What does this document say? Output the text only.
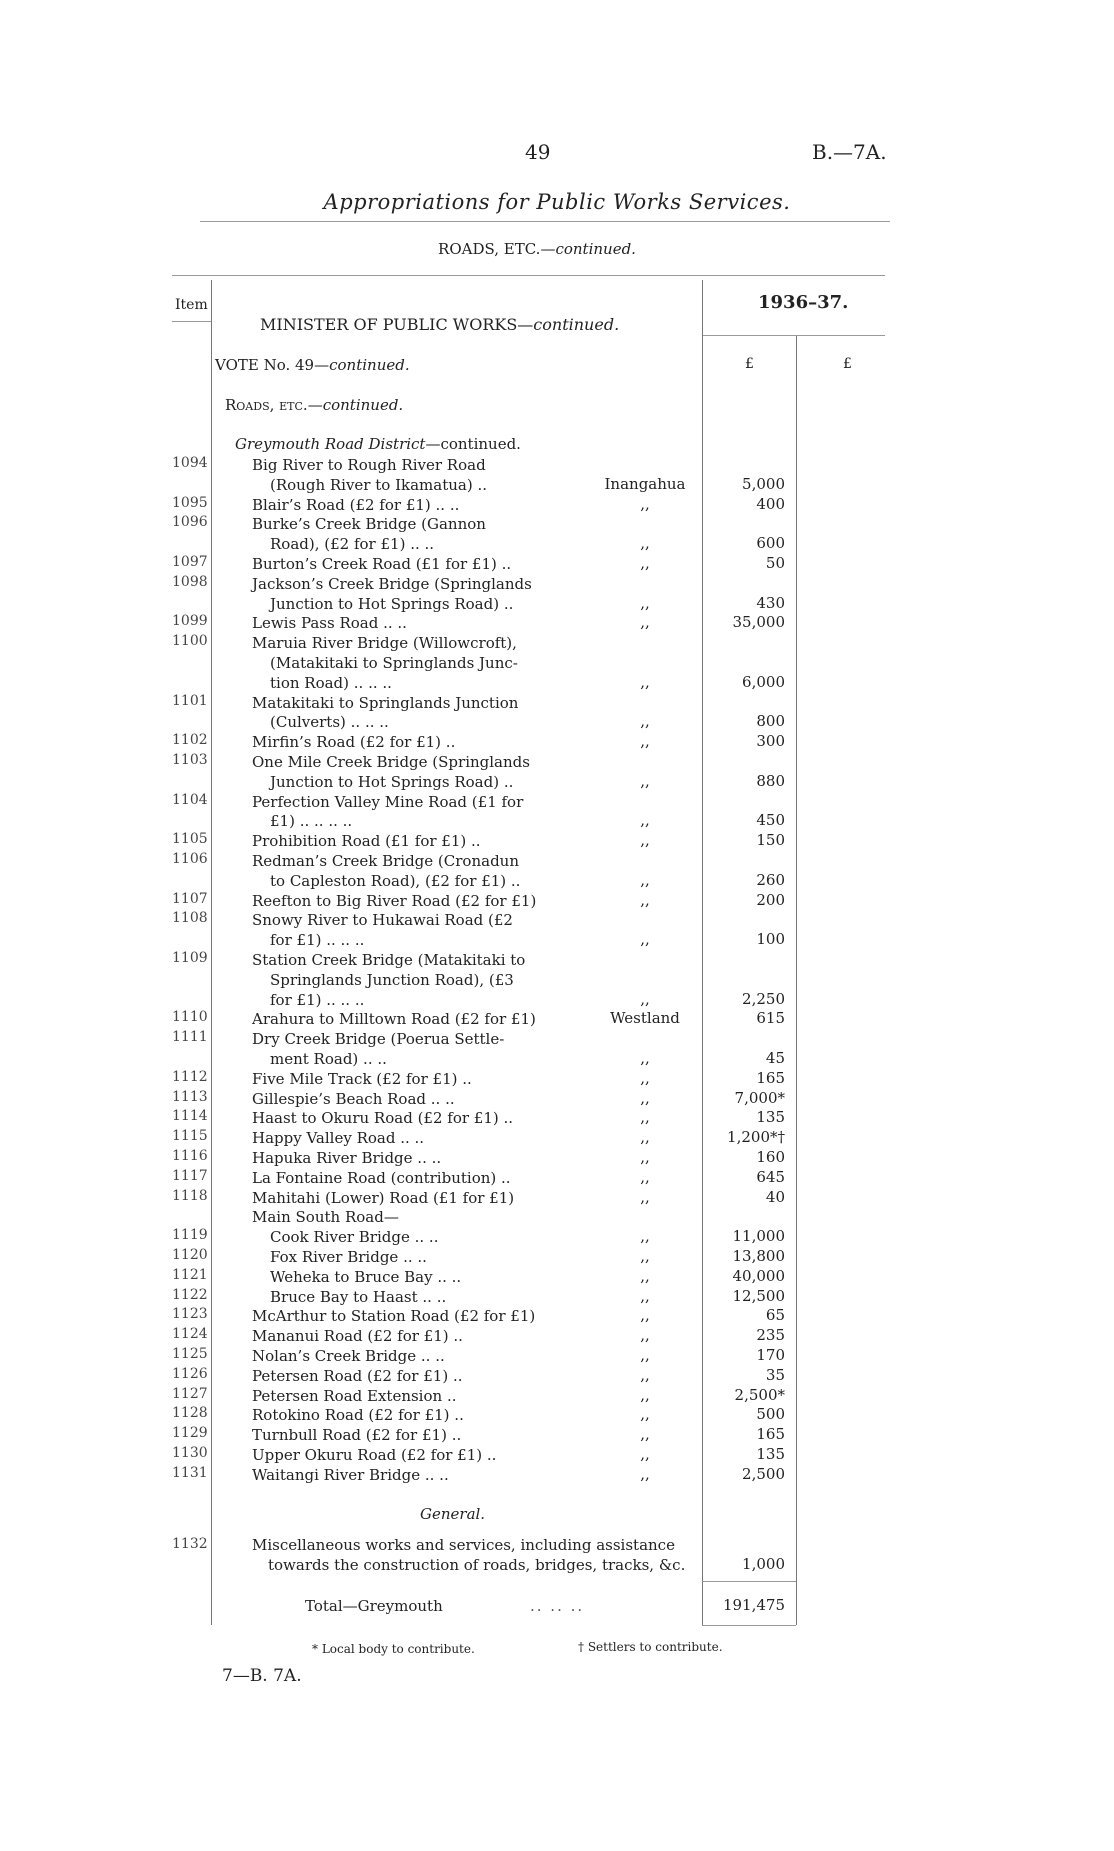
49	B.—7A.
Appropriations for Public Works Services.
ROADS, ETC.—continued.
Item
MINISTER OF PUBLIC WORKS—continued.
1936–37.
£	£
VOTE No. 49—continued.
Roads, etc.—continued.
Greymouth Road District—continued.
1094	Big River to Rough River Road
(Rough River to Ikamatua) ..	Inangahua	5,000
1095	Blair’s Road (£2 for £1) .. ..	,,	400
1096	Burke’s Creek Bridge (Gannon
Road), (£2 for £1) .. ..	,,	600
1097	Burton’s Creek Road (£1 for £1) ..	,,	50
1098	Jackson’s Creek Bridge (Springlands
Junction to Hot Springs Road) ..	,,	430
1099	Lewis Pass Road .. ..	,,	35,000
1100	Maruia River Bridge (Willowcroft),
(Matakitaki to Springlands Junc-
tion Road) .. .. ..	,,	6,000
1101	Matakitaki to Springlands Junction
(Culverts) .. .. ..	,,	800
1102	Mirfin’s Road (£2 for £1) ..	,,	300
1103	One Mile Creek Bridge (Springlands
Junction to Hot Springs Road) ..	,,	880
1104	Perfection Valley Mine Road (£1 for
£1) .. .. .. ..	,,	450
1105	Prohibition Road (£1 for £1) ..	,,	150
1106	Redman’s Creek Bridge (Cronadun
to Capleston Road), (£2 for £1) ..	,,	260
1107	Reefton to Big River Road (£2 for £1)	,,	200
1108	Snowy River to Hukawai Road (£2
for £1) .. .. ..	,,	100
1109	Station Creek Bridge (Matakitaki to
Springlands Junction Road), (£3
for £1) .. .. ..	,,	2,250
1110	Arahura to Milltown Road (£2 for £1)	Westland	615
1111	Dry Creek Bridge (Poerua Settle-
ment Road) .. ..	,,	45
1112	Five Mile Track (£2 for £1) ..	,,	165
1113	Gillespie’s Beach Road .. ..	,,	7,000*
1114	Haast to Okuru Road (£2 for £1) ..	,,	135
1115	Happy Valley Road .. ..	,,	1,200*†
1116	Hapuka River Bridge .. ..	,,	160
1117	La Fontaine Road (contribution) ..	,,	645
1118	Mahitahi (Lower) Road (£1 for £1)	,,	40
Main South Road—
1119	Cook River Bridge .. ..	,,	11,000
1120	Fox River Bridge .. ..	,,	13,800
1121	Weheka to Bruce Bay .. ..	,,	40,000
1122	Bruce Bay to Haast .. ..	,,	12,500
1123	McArthur to Station Road (£2 for £1)	,,	65
1124	Mananui Road (£2 for £1) ..	,,	235
1125	Nolan’s Creek Bridge .. ..	,,	170
1126	Petersen Road (£2 for £1) ..	,,	35
1127	Petersen Road Extension ..	,,	2,500*
1128	Rotokino Road (£2 for £1) ..	,,	500
1129	Turnbull Road (£2 for £1) ..	,,	165
1130	Upper Okuru Road (£2 for £1) ..	,,	135
1131	Waitangi River Bridge .. ..	,,	2,500
General.
1132	Miscellaneous works and services, including assistance
towards the construction of roads, bridges, tracks, &c.	1,000
Total—Greymouth	.. .. ..	191,475
* Local body to contribute.	† Settlers to contribute.
7—B. 7A.
